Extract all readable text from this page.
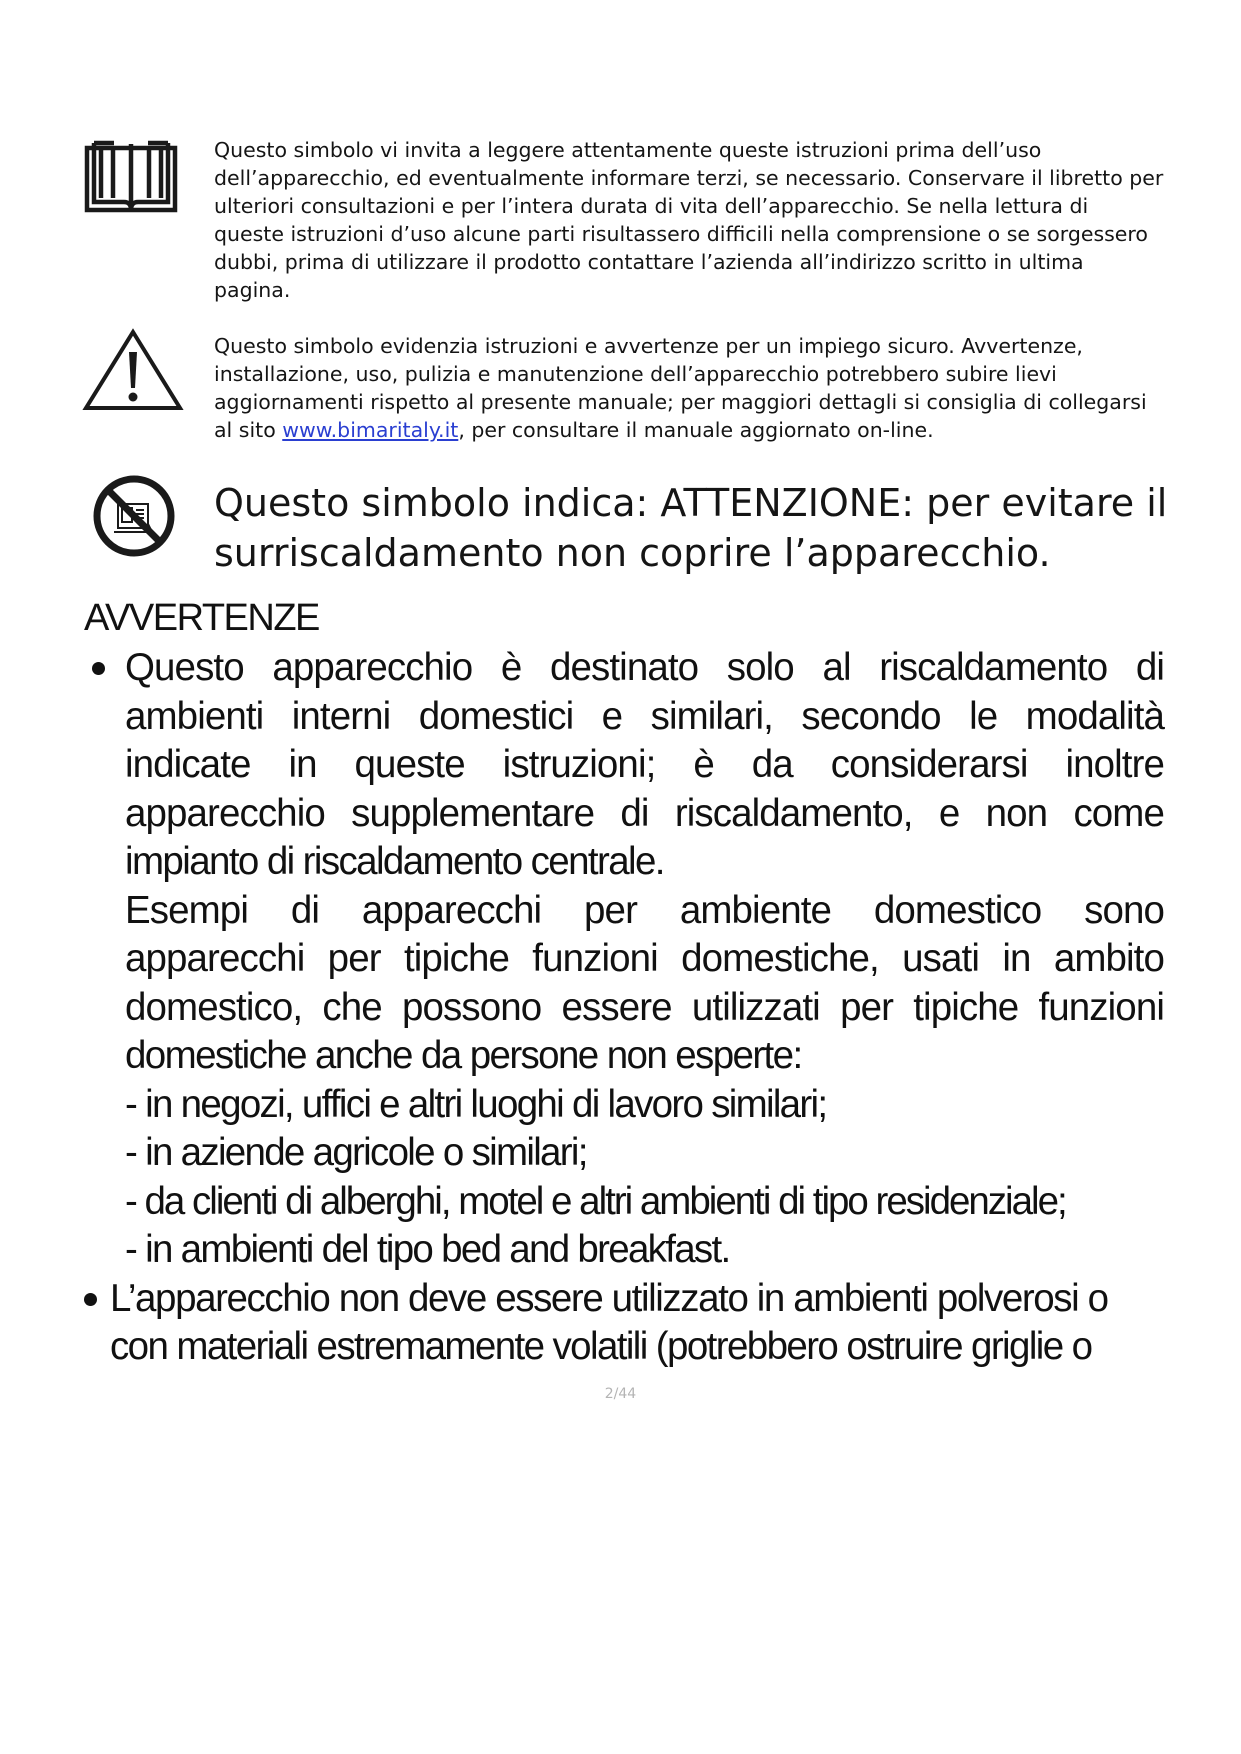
Questo simbolo vi invita a leggere attentamente queste istruzioni prima dell’uso dell’apparecchio, ed eventualmente informare terzi, se necessario. Conservare il libretto per ulteriori consultazioni e per l’intera durata di vita dell’apparecchio. Se nella lettura di queste istruzioni d’uso alcune parti risultassero difficili nella comprensione o se sorgessero dubbi, prima di utilizzare il prodotto contattare l’azienda all’indirizzo scritto in ultima pagina.

Questo simbolo evidenzia istruzioni e avvertenze per un impiego sicuro. Avvertenze, installazione, uso, pulizia e manutenzione dell’apparecchio potrebbero subire lievi aggiornamenti rispetto al presente manuale; per maggiori dettagli si consiglia di collegarsi al sito www.bimaritaly.it, per consultare il manuale aggiornato on-line.

Questo simbolo indica: ATTENZIONE: per evitare il surriscaldamento non coprire l’apparecchio.

AVVERTENZE
Questo apparecchio è destinato solo al riscaldamento di
ambienti interni domestici e similari, secondo le modalità
indicate in queste istruzioni; è da considerarsi inoltre
apparecchio supplementare di riscaldamento, e non come
impianto di riscaldamento centrale.
Esempi di apparecchi per ambiente domestico sono
apparecchi per tipiche funzioni domestiche, usati in ambito
domestico, che possono essere utilizzati per tipiche funzioni
domestiche anche da persone non esperte:
- in negozi, uffici e altri luoghi di lavoro similari;
- in aziende agricole o similari;
- da clienti di alberghi, motel e altri ambienti di tipo residenziale;
- in ambienti del tipo bed and breakfast.
L’apparecchio non deve essere utilizzato in ambienti polverosi o
con materiali estremamente volatili (potrebbero ostruire griglie o

2/44
